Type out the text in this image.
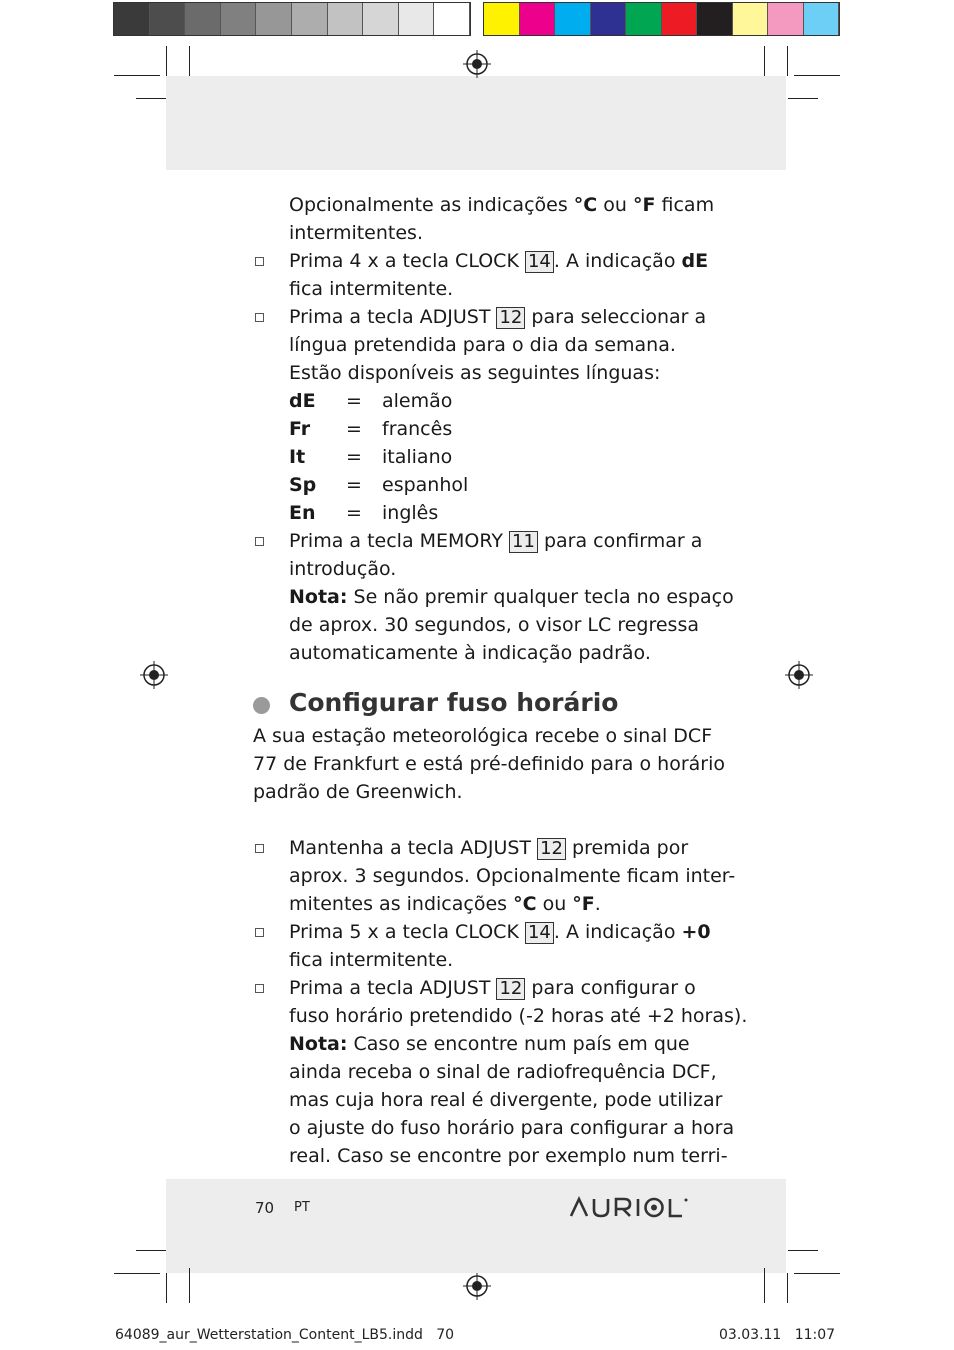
Opcionalmente as indicações °C ou °F ficam
intermitentes.
Prima 4 x a tecla CLOCK 14 . A indicação dE
fica intermitente.
Prima a tecla ADJUST 12 para seleccionar a
língua pretendida para o dia da semana.
Estão disponíveis as seguintes línguas:
dE = alemão
Fr = francês
It = italiano
Sp = espanhol
En = inglês
Prima a tecla MEMORY 11 para confirmar a
introdução.
Nota: Se não premir qualquer tecla no espaço
de aprox. 30 segundos, o visor LC regressa
automaticamente à indicação padrão.
Configurar fuso horário
A sua estação meteorológica recebe o sinal DCF
77 de Frankfurt e está pré-definido para o horário
padrão de Greenwich.
Mantenha a tecla ADJUST 12 premida por
aprox. 3 segundos. Opcionalmente ficam inter-
mitentes as indicações °C ou °F.
Prima 5 x a tecla CLOCK 14 . A indicação +0
fica intermitente.
Prima a tecla ADJUST 12 para configurar o
fuso horário pretendido (-2 horas até +2 horas).
Nota: Caso se encontre num país em que
ainda receba o sinal de radiofrequência DCF,
mas cuja hora real é divergente, pode utilizar
o ajuste do fuso horário para configurar a hora
real. Caso se encontre por exemplo num terri-
70 PT
64089_aur_Wetterstation_Content_LB5.indd   70	03.03.11   11:07
